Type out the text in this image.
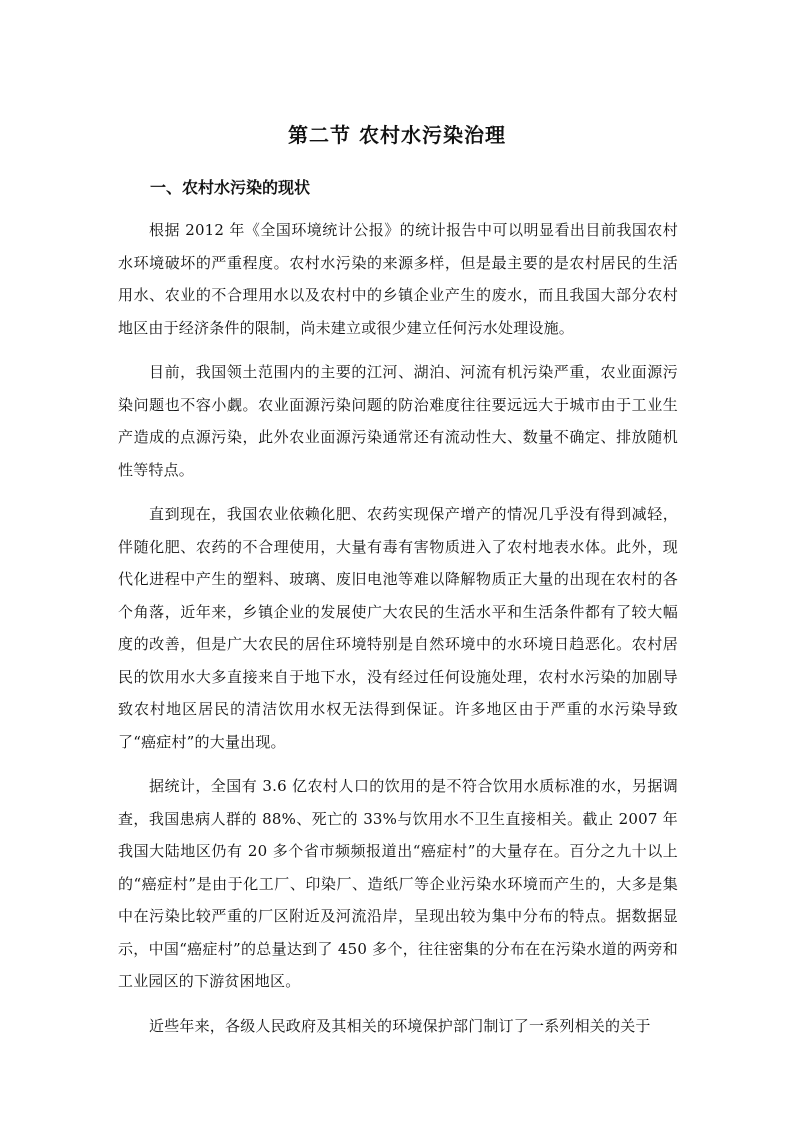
第二节 农村水污染治理
一、农村水污染的现状

根据 2012 年《全国环境统计公报》的统计报告中可以明显看出目前我国农村水环境破坏的严重程度。农村水污染的来源多样，但是最主要的是农村居民的生活用水、农业的不合理用水以及农村中的乡镇企业产生的废水，而且我国大部分农村地区由于经济条件的限制，尚未建立或很少建立任何污水处理设施。

目前，我国领土范围内的主要的江河、湖泊、河流有机污染严重，农业面源污染问题也不容小觑。农业面源污染问题的防治难度往往要远远大于城市由于工业生产造成的点源污染，此外农业面源污染通常还有流动性大、数量不确定、排放随机性等特点。

直到现在，我国农业依赖化肥、农药实现保产增产的情况几乎没有得到减轻，伴随化肥、农药的不合理使用，大量有毒有害物质进入了农村地表水体。此外，现代化进程中产生的塑料、玻璃、废旧电池等难以降解物质正大量的出现在农村的各个角落，近年来，乡镇企业的发展使广大农民的生活水平和生活条件都有了较大幅度的改善，但是广大农民的居住环境特别是自然环境中的水环境日趋恶化。农村居民的饮用水大多直接来自于地下水，没有经过任何设施处理，农村水污染的加剧导致农村地区居民的清洁饮用水权无法得到保证。许多地区由于严重的水污染导致了“癌症村”的大量出现。

据统计，全国有 3.6 亿农村人口的饮用的是不符合饮用水质标准的水，另据调查，我国患病人群的 88%、死亡的 33%与饮用水不卫生直接相关。截止 2007 年我国大陆地区仍有 20 多个省市频频报道出“癌症村”的大量存在。百分之九十以上的“癌症村”是由于化工厂、印染厂、造纸厂等企业污染水环境而产生的，大多是集中在污染比较严重的厂区附近及河流沿岸，呈现出较为集中分布的特点。据数据显示，中国“癌症村”的总量达到了 450 多个，往往密集的分布在在污染水道的两旁和工业园区的下游贫困地区。

近些年来，各级人民政府及其相关的环境保护部门制订了一系列相关的关于
